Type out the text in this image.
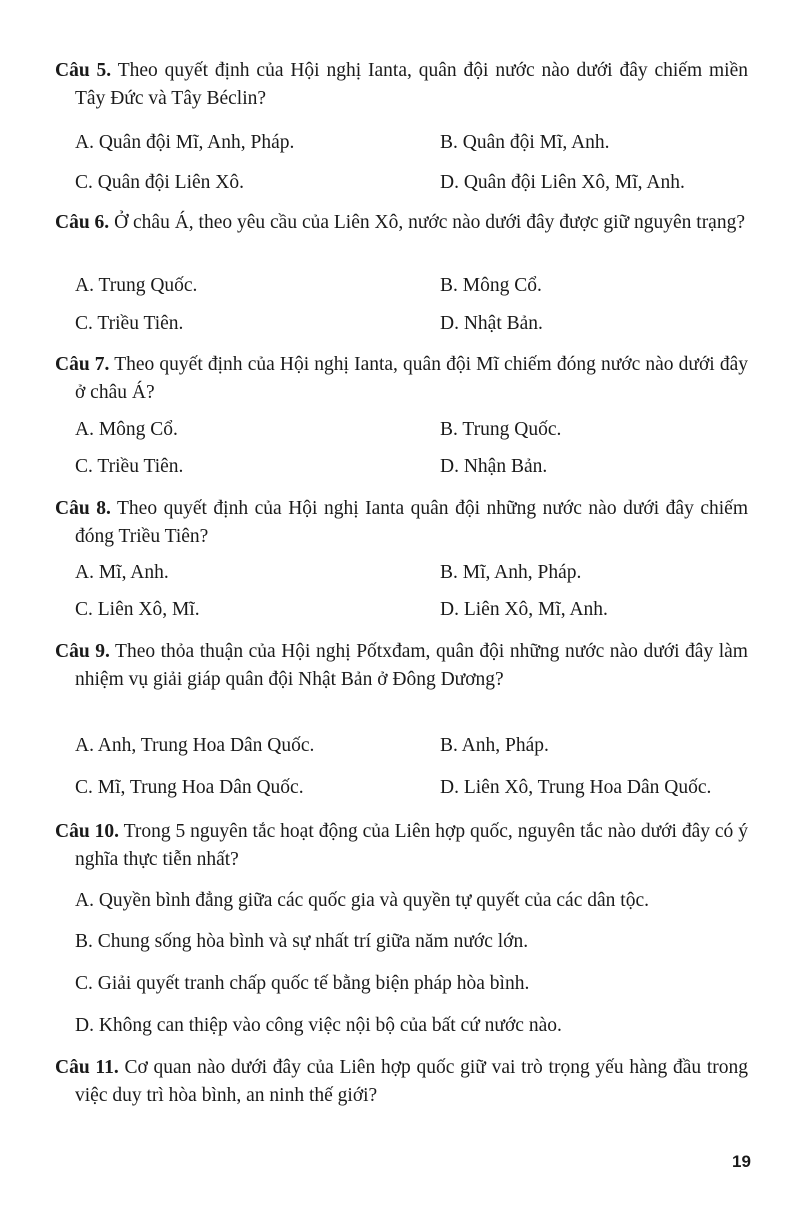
Câu 5. Theo quyết định của Hội nghị Ianta, quân đội nước nào dưới đây chiếm miền Tây Đức và Tây Béclin?
A. Quân đội Mĩ, Anh, Pháp.	B. Quân đội Mĩ, Anh.
C. Quân đội Liên Xô.	D. Quân đội Liên Xô, Mĩ, Anh.
Câu 6. Ở châu Á, theo yêu cầu của Liên Xô, nước nào dưới đây được giữ nguyên trạng?
A. Trung Quốc.	B. Mông Cổ.
C. Triều Tiên.	D. Nhật Bản.
Câu 7. Theo quyết định của Hội nghị Ianta, quân đội Mĩ chiếm đóng nước nào dưới đây ở châu Á?
A. Mông Cổ.	B. Trung Quốc.
C. Triều Tiên.	D. Nhận Bản.
Câu 8. Theo quyết định của Hội nghị Ianta quân đội những nước nào dưới đây chiếm đóng Triều Tiên?
A. Mĩ, Anh.	B. Mĩ, Anh, Pháp.
C. Liên Xô, Mĩ.	D. Liên Xô, Mĩ, Anh.
Câu 9. Theo thỏa thuận của Hội nghị Pốtxđam, quân đội những nước nào dưới đây làm nhiệm vụ giải giáp quân đội Nhật Bản ở Đông Dương?
A. Anh, Trung Hoa Dân Quốc.	B. Anh, Pháp.
C. Mĩ, Trung Hoa Dân Quốc.	D. Liên Xô, Trung Hoa Dân Quốc.
Câu 10. Trong 5 nguyên tắc hoạt động của Liên hợp quốc, nguyên tắc nào dưới đây có ý nghĩa thực tiễn nhất?
A. Quyền bình đẳng giữa các quốc gia và quyền tự quyết của các dân tộc.
B. Chung sống hòa bình và sự nhất trí giữa năm nước lớn.
C. Giải quyết tranh chấp quốc tế bằng biện pháp hòa bình.
D. Không can thiệp vào công việc nội bộ của bất cứ nước nào.
Câu 11. Cơ quan nào dưới đây của Liên hợp quốc giữ vai trò trọng yếu hàng đầu trong việc duy trì hòa bình, an ninh thế giới?
19
